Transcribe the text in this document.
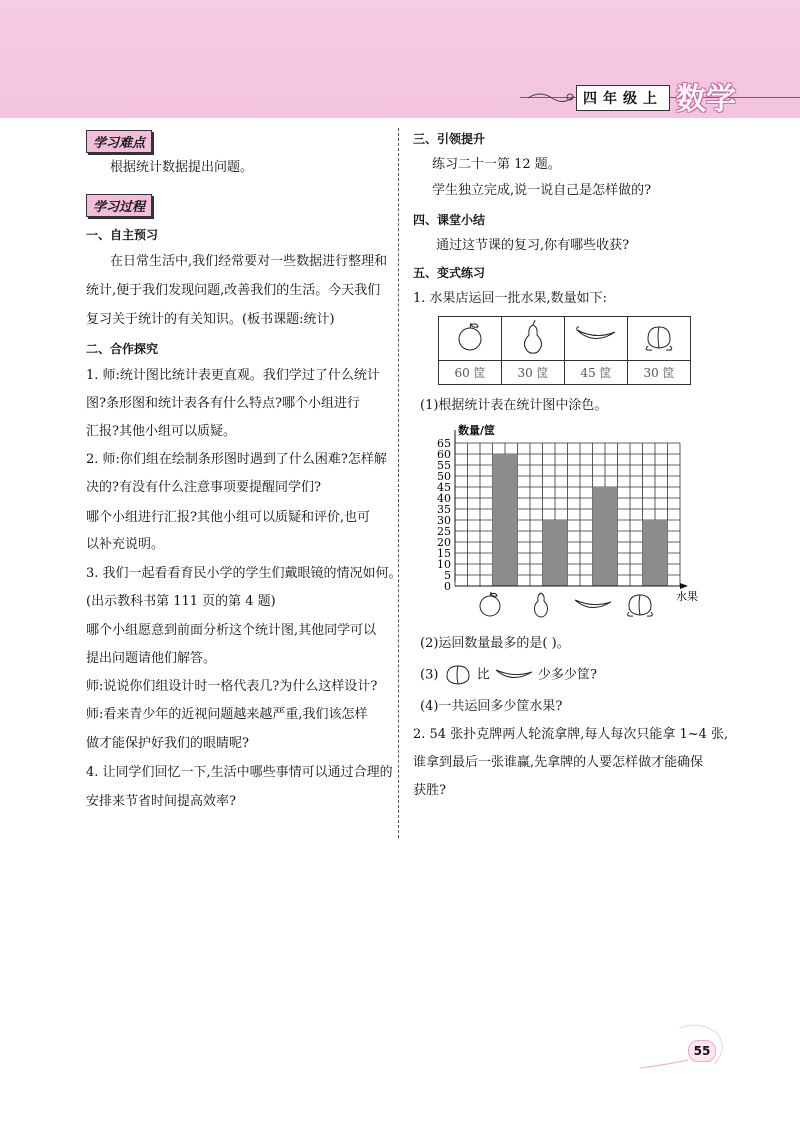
四年级上 数学
学习难点
根据统计数据提出问题。
学习过程
一、自主预习
在日常生活中,我们经常要对一些数据进行整理和
统计,便于我们发现问题,改善我们的生活。今天我们
复习关于统计的有关知识。(板书课题:统计)
二、合作探究
1. 师:统计图比统计表更直观。我们学过了什么统计
图?条形图和统计表各有什么特点?哪个小组进行
汇报?其他小组可以质疑。
2. 师:你们组在绘制条形图时遇到了什么困难?怎样解
决的?有没有什么注意事项要提醒同学们?
哪个小组进行汇报?其他小组可以质疑和评价,也可
以补充说明。
3. 我们一起看看育民小学的学生们戴眼镜的情况如何。
(出示教科书第 111 页的第 4 题)
哪个小组愿意到前面分析这个统计图,其他同学可以
提出问题请他们解答。
师:说说你们组设计时一格代表几?为什么这样设计?
师:看来青少年的近视问题越来越严重,我们该怎样
做才能保护好我们的眼睛呢?
4. 让同学们回忆一下,生活中哪些事情可以通过合理的
安排来节省时间提高效率?
三、引领提升
练习二十一第 12 题。
学生独立完成,说一说自己是怎样做的?
四、课堂小结
通过这节课的复习,你有哪些收获?
五、变式练习
1. 水果店运回一批水果,数量如下:

60 筐	30 筐	45 筐	30 筐
(1)根据统计表在统计图中涂色。
0
5
10
15
20
25
30
35
40
45
50
55
60
65
数量/筐
水果
(2)运回数量最多的是( )。
(3)	比	少多少筐?
(4)一共运回多少筐水果?
2. 54 张扑克牌两人轮流拿牌,每人每次只能拿 1~4 张,
谁拿到最后一张谁赢,先拿牌的人要怎样做才能确保
获胜?
55
